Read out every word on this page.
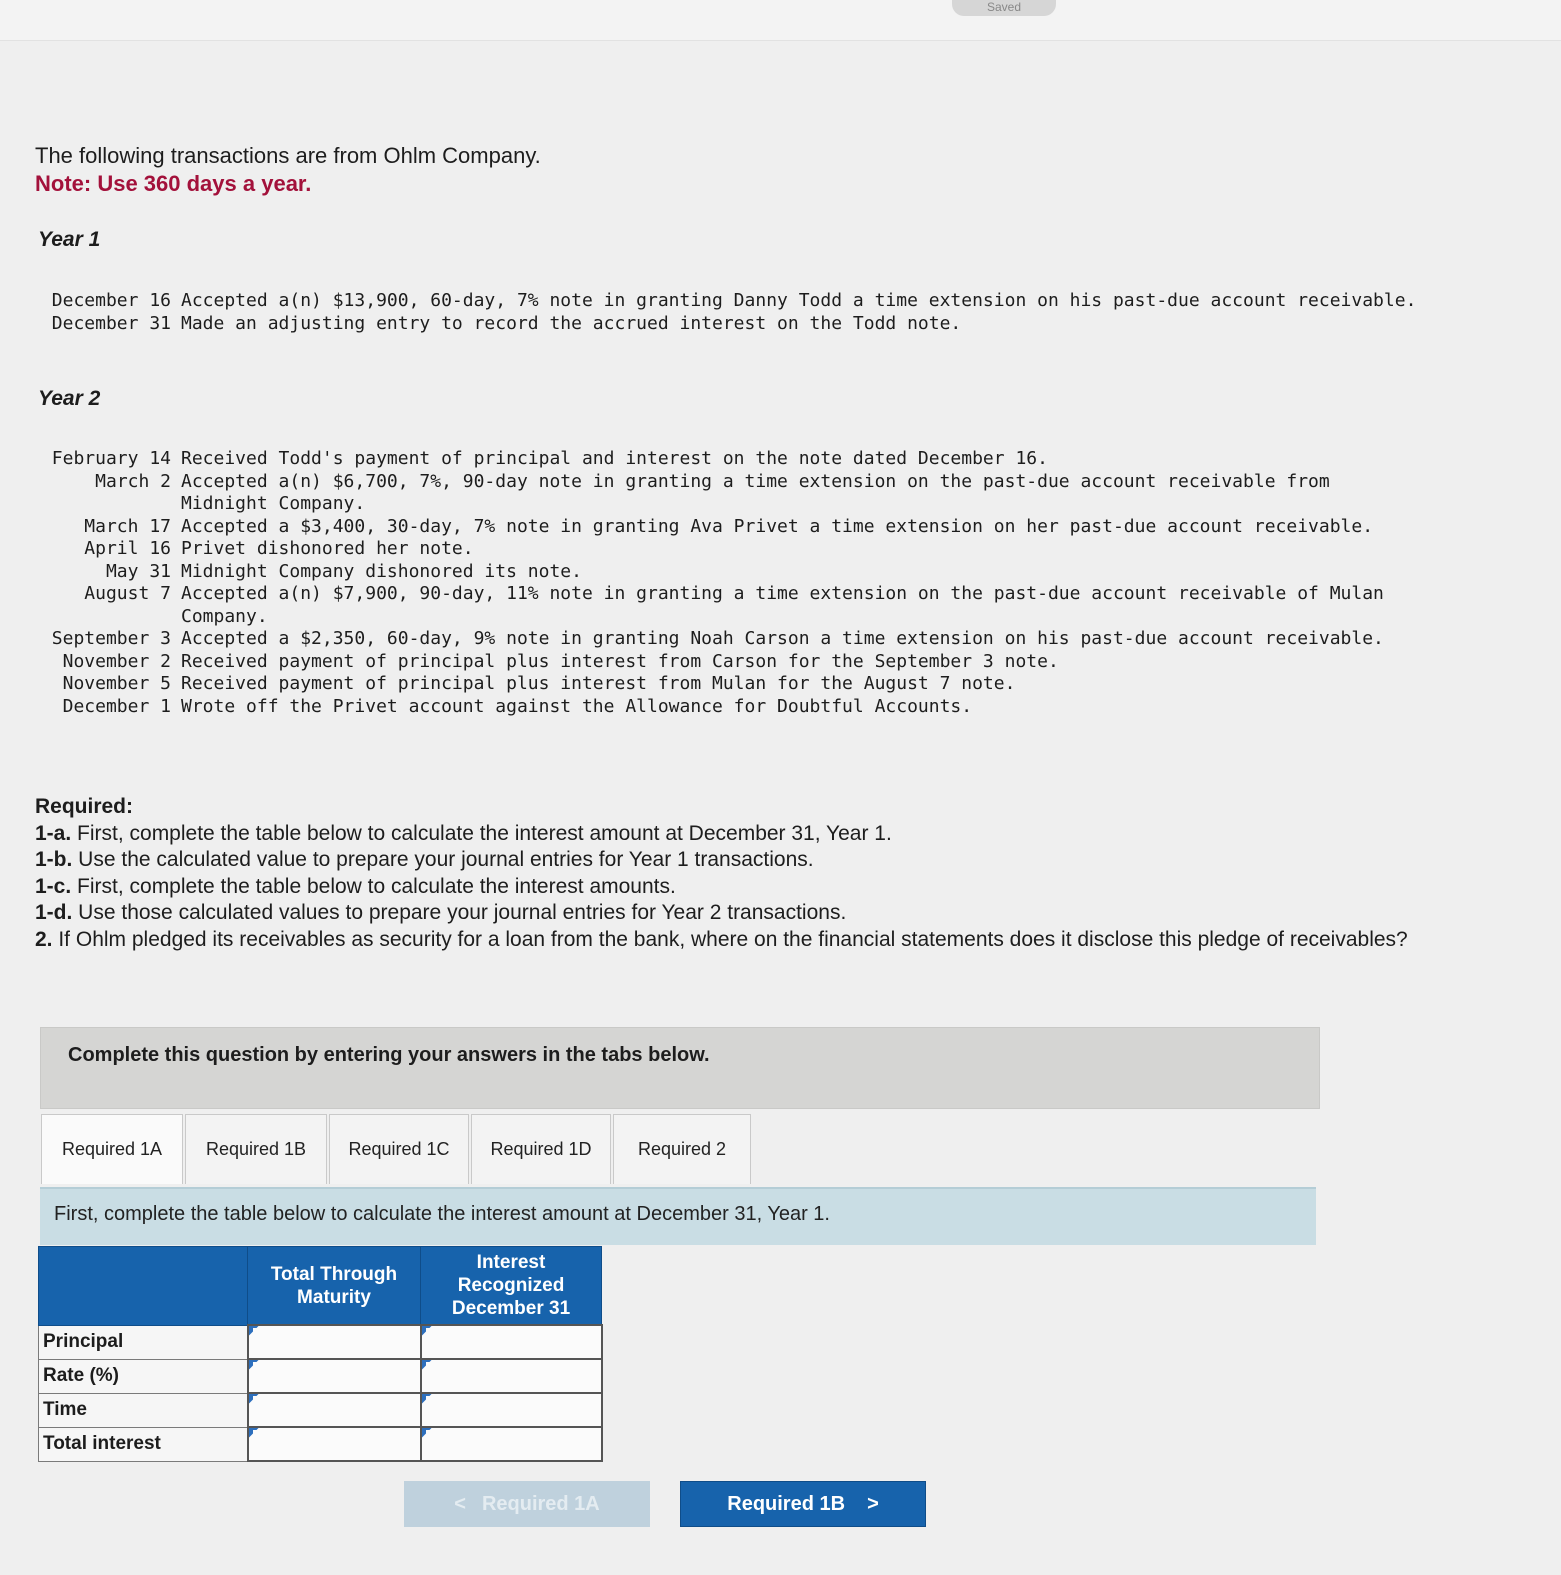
Saved
The following transactions are from Ohlm Company.
Note: Use 360 days a year.
Year 1
December 16	Accepted a(n) $13,900, 60-day, 7% note in granting Danny Todd a time extension on his past-due account receivable.
December 31	Made an adjusting entry to record the accrued interest on the Todd note.
Year 2
February 14	Received Todd's payment of principal and interest on the note dated December 16.
March 2	Accepted a(n) $6,700, 7%, 90-day note in granting a time extension on the past-due account receivable from Midnight Company.
March 17	Accepted a $3,400, 30-day, 7% note in granting Ava Privet a time extension on her past-due account receivable.
April 16	Privet dishonored her note.
May 31	Midnight Company dishonored its note.
August 7	Accepted a(n) $7,900, 90-day, 11% note in granting a time extension on the past-due account receivable of Mulan Company.
September 3	Accepted a $2,350, 60-day, 9% note in granting Noah Carson a time extension on his past-due account receivable.
November 2	Received payment of principal plus interest from Carson for the September 3 note.
November 5	Received payment of principal plus interest from Mulan for the August 7 note.
December 1	Wrote off the Privet account against the Allowance for Doubtful Accounts.
Required:
1-a. First, complete the table below to calculate the interest amount at December 31, Year 1.
1-b. Use the calculated value to prepare your journal entries for Year 1 transactions.
1-c. First, complete the table below to calculate the interest amounts.
1-d. Use those calculated values to prepare your journal entries for Year 2 transactions.
2. If Ohlm pledged its receivables as security for a loan from the bank, where on the financial statements does it disclose this pledge of receivables?
Complete this question by entering your answers in the tabs below.
Required 1A	Required 1B	Required 1C	Required 1D	Required 2
First, complete the table below to calculate the interest amount at December 31, Year 1.
	Total Through Maturity	Interest Recognized December 31
Principal	

Rate (%)	

Time	

Total interest	

< Required 1A	Required 1B >
